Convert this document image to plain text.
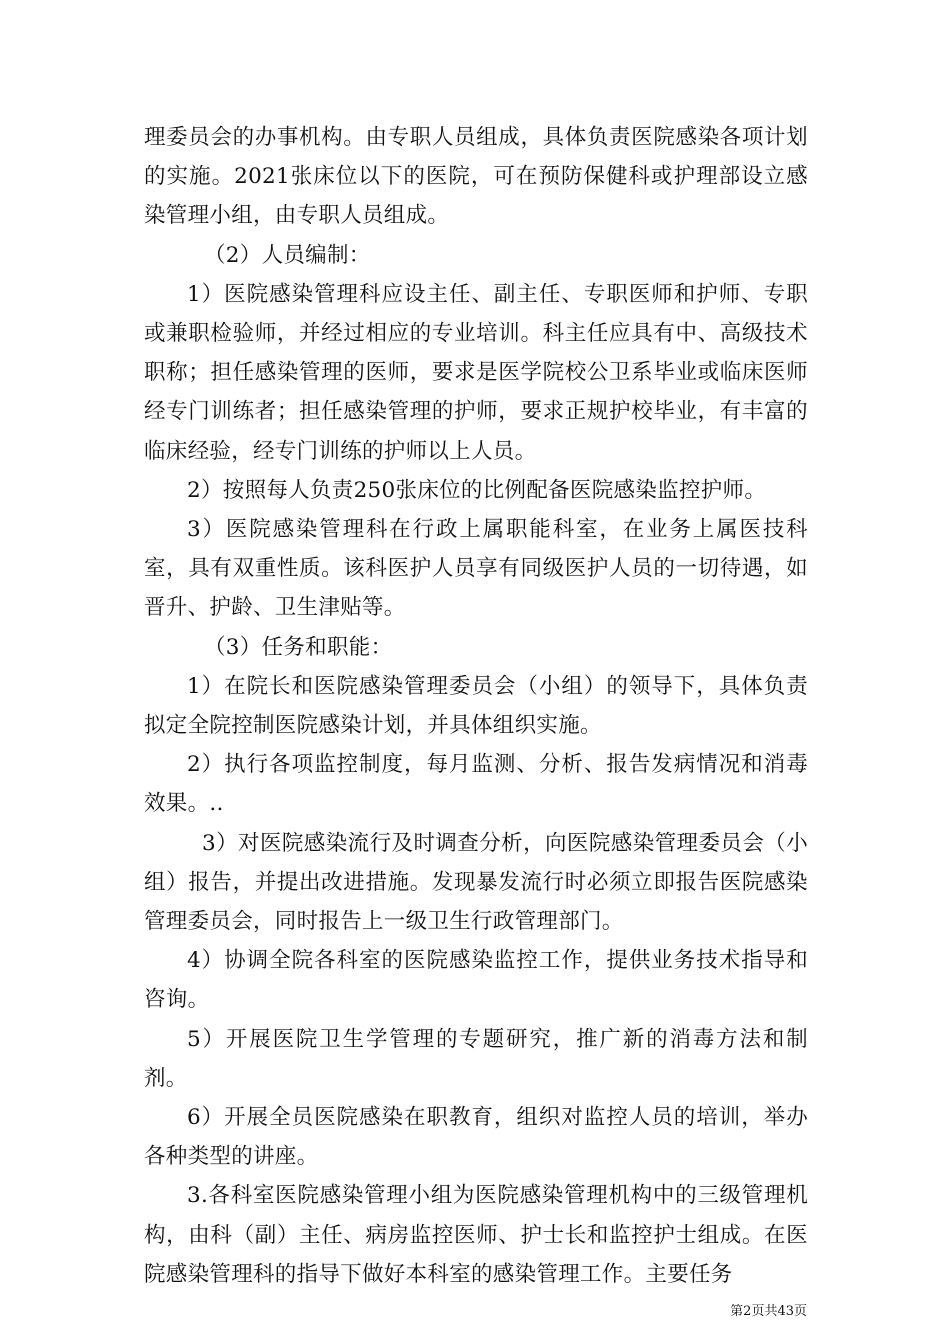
理委员会的办事机构。由专职人员组成，具体负责医院感染各项计划的实施。2021张床位以下的医院，可在预防保健科或护理部设立感染管理小组，由专职人员组成。

（2）人员编制：

1）医院感染管理科应设主任、副主任、专职医师和护师、专职或兼职检验师，并经过相应的专业培训。科主任应具有中、高级技术职称；担任感染管理的医师，要求是医学院校公卫系毕业或临床医师经专门训练者；担任感染管理的护师，要求正规护校毕业，有丰富的临床经验，经专门训练的护师以上人员。

2）按照每人负责250张床位的比例配备医院感染监控护师。

3）医院感染管理科在行政上属职能科室，在业务上属医技科室，具有双重性质。该科医护人员享有同级医护人员的一切待遇，如晋升、护龄、卫生津贴等。

（3）任务和职能：

1）在院长和医院感染管理委员会（小组）的领导下，具体负责拟定全院控制医院感染计划，并具体组织实施。

2）执行各项监控制度，每月监测、分析、报告发病情况和消毒效果。..

3）对医院感染流行及时调查分析，向医院感染管理委员会（小组）报告，并提出改进措施。发现暴发流行时必须立即报告医院感染管理委员会，同时报告上一级卫生行政管理部门。

4）协调全院各科室的医院感染监控工作，提供业务技术指导和咨询。

5）开展医院卫生学管理的专题研究，推广新的消毒方法和制剂。

6）开展全员医院感染在职教育，组织对监控人员的培训，举办各种类型的讲座。

3.各科室医院感染管理小组为医院感染管理机构中的三级管理机构，由科（副）主任、病房监控医师、护士长和监控护士组成。在医院感染管理科的指导下做好本科室的感染管理工作。主要任务

第2页共43页
